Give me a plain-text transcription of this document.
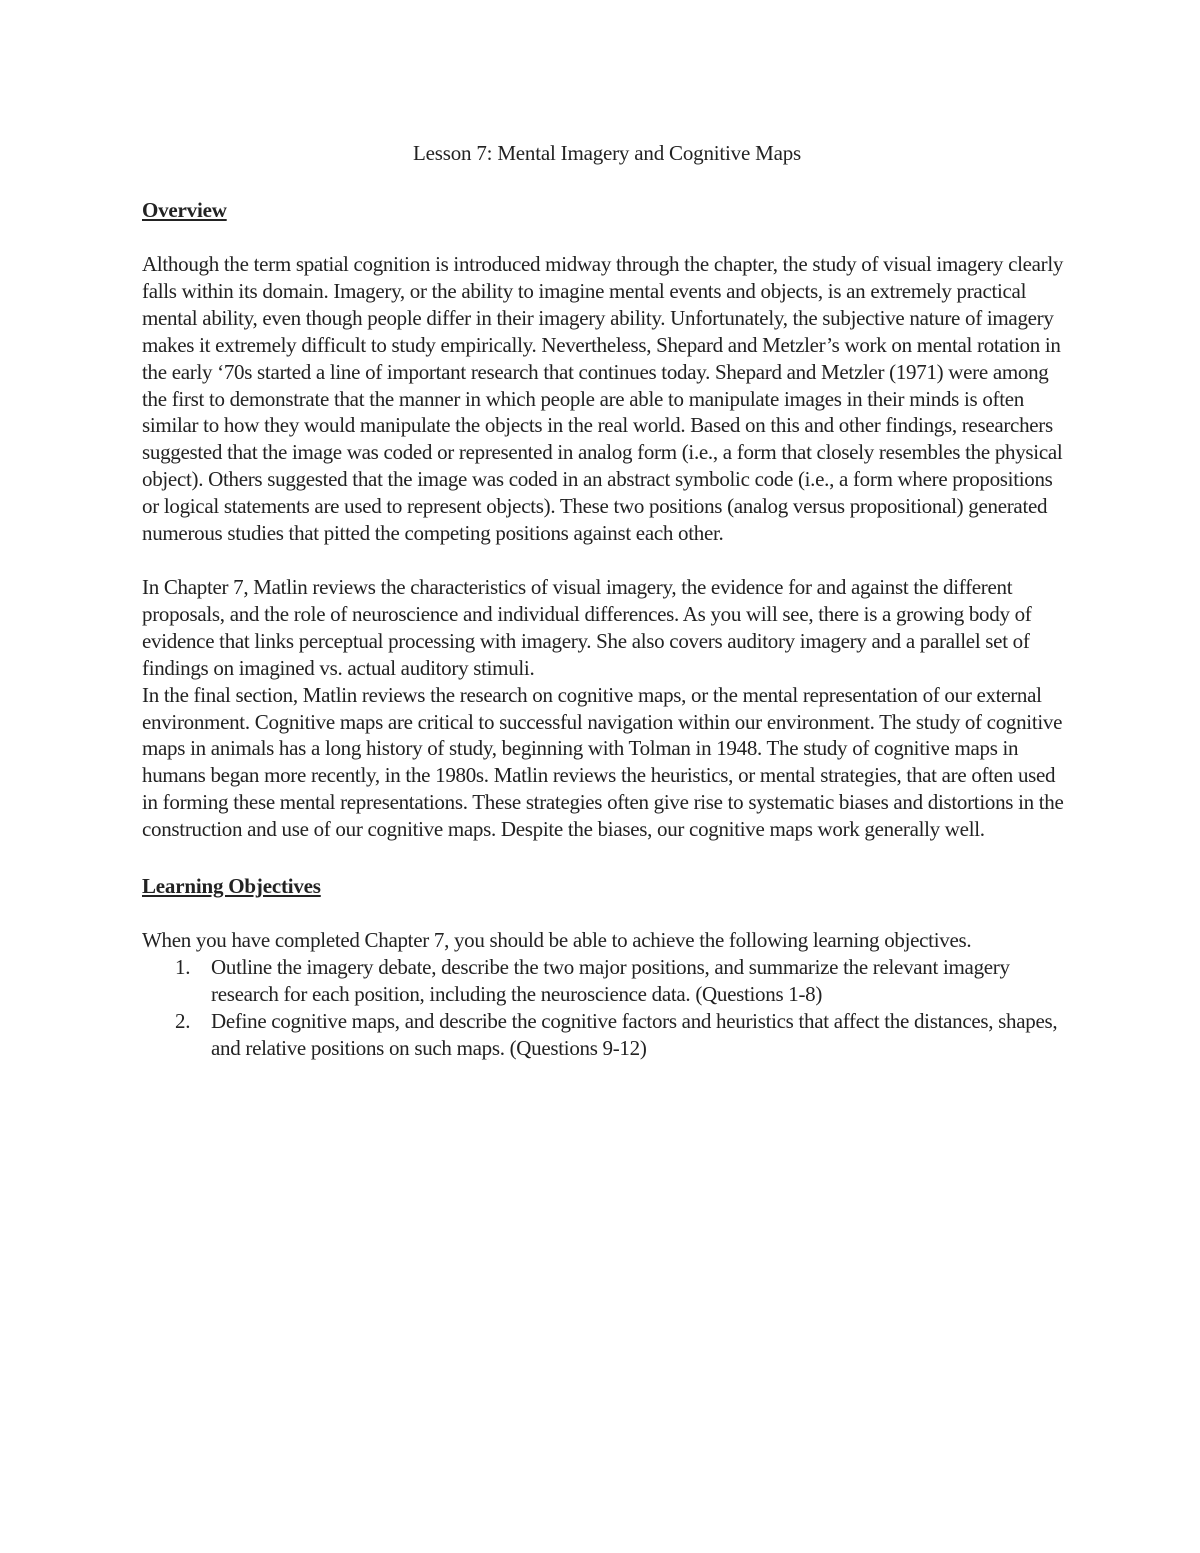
Lesson 7: Mental Imagery and Cognitive Maps
Overview

Although the term spatial cognition is introduced midway through the chapter, the study of visual imagery clearly falls within its domain. Imagery, or the ability to imagine mental events and objects, is an extremely practical mental ability, even though people differ in their imagery ability. Unfortunately, the subjective nature of imagery makes it extremely difficult to study empirically. Nevertheless, Shepard and Metzler’s work on mental rotation in the early ‘70s started a line of important research that continues today. Shepard and Metzler (1971) were among the first to demonstrate that the manner in which people are able to manipulate images in their minds is often similar to how they would manipulate the objects in the real world. Based on this and other findings, researchers suggested that the image was coded or represented in analog form (i.e., a form that closely resembles the physical object). Others suggested that the image was coded in an abstract symbolic code (i.e., a form where propositions or logical statements are used to represent objects). These two positions (analog versus propositional) generated numerous studies that pitted the competing positions against each other.

In Chapter 7, Matlin reviews the characteristics of visual imagery, the evidence for and against the different proposals, and the role of neuroscience and individual differences. As you will see, there is a growing body of evidence that links perceptual processing with imagery. She also covers auditory imagery and a parallel set of findings on imagined vs. actual auditory stimuli.
In the final section, Matlin reviews the research on cognitive maps, or the mental representation of our external environment. Cognitive maps are critical to successful navigation within our environment. The study of cognitive maps in animals has a long history of study, beginning with Tolman in 1948. The study of cognitive maps in humans began more recently, in the 1980s. Matlin reviews the heuristics, or mental strategies, that are often used in forming these mental representations. These strategies often give rise to systematic biases and distortions in the construction and use of our cognitive maps. Despite the biases, our cognitive maps work generally well.
Learning Objectives

When you have completed Chapter 7, you should be able to achieve the following learning objectives.

1. Outline the imagery debate, describe the two major positions, and summarize the relevant imagery research for each position, including the neuroscience data. (Questions 1-8)
2. Define cognitive maps, and describe the cognitive factors and heuristics that affect the distances, shapes, and relative positions on such maps. (Questions 9-12)
